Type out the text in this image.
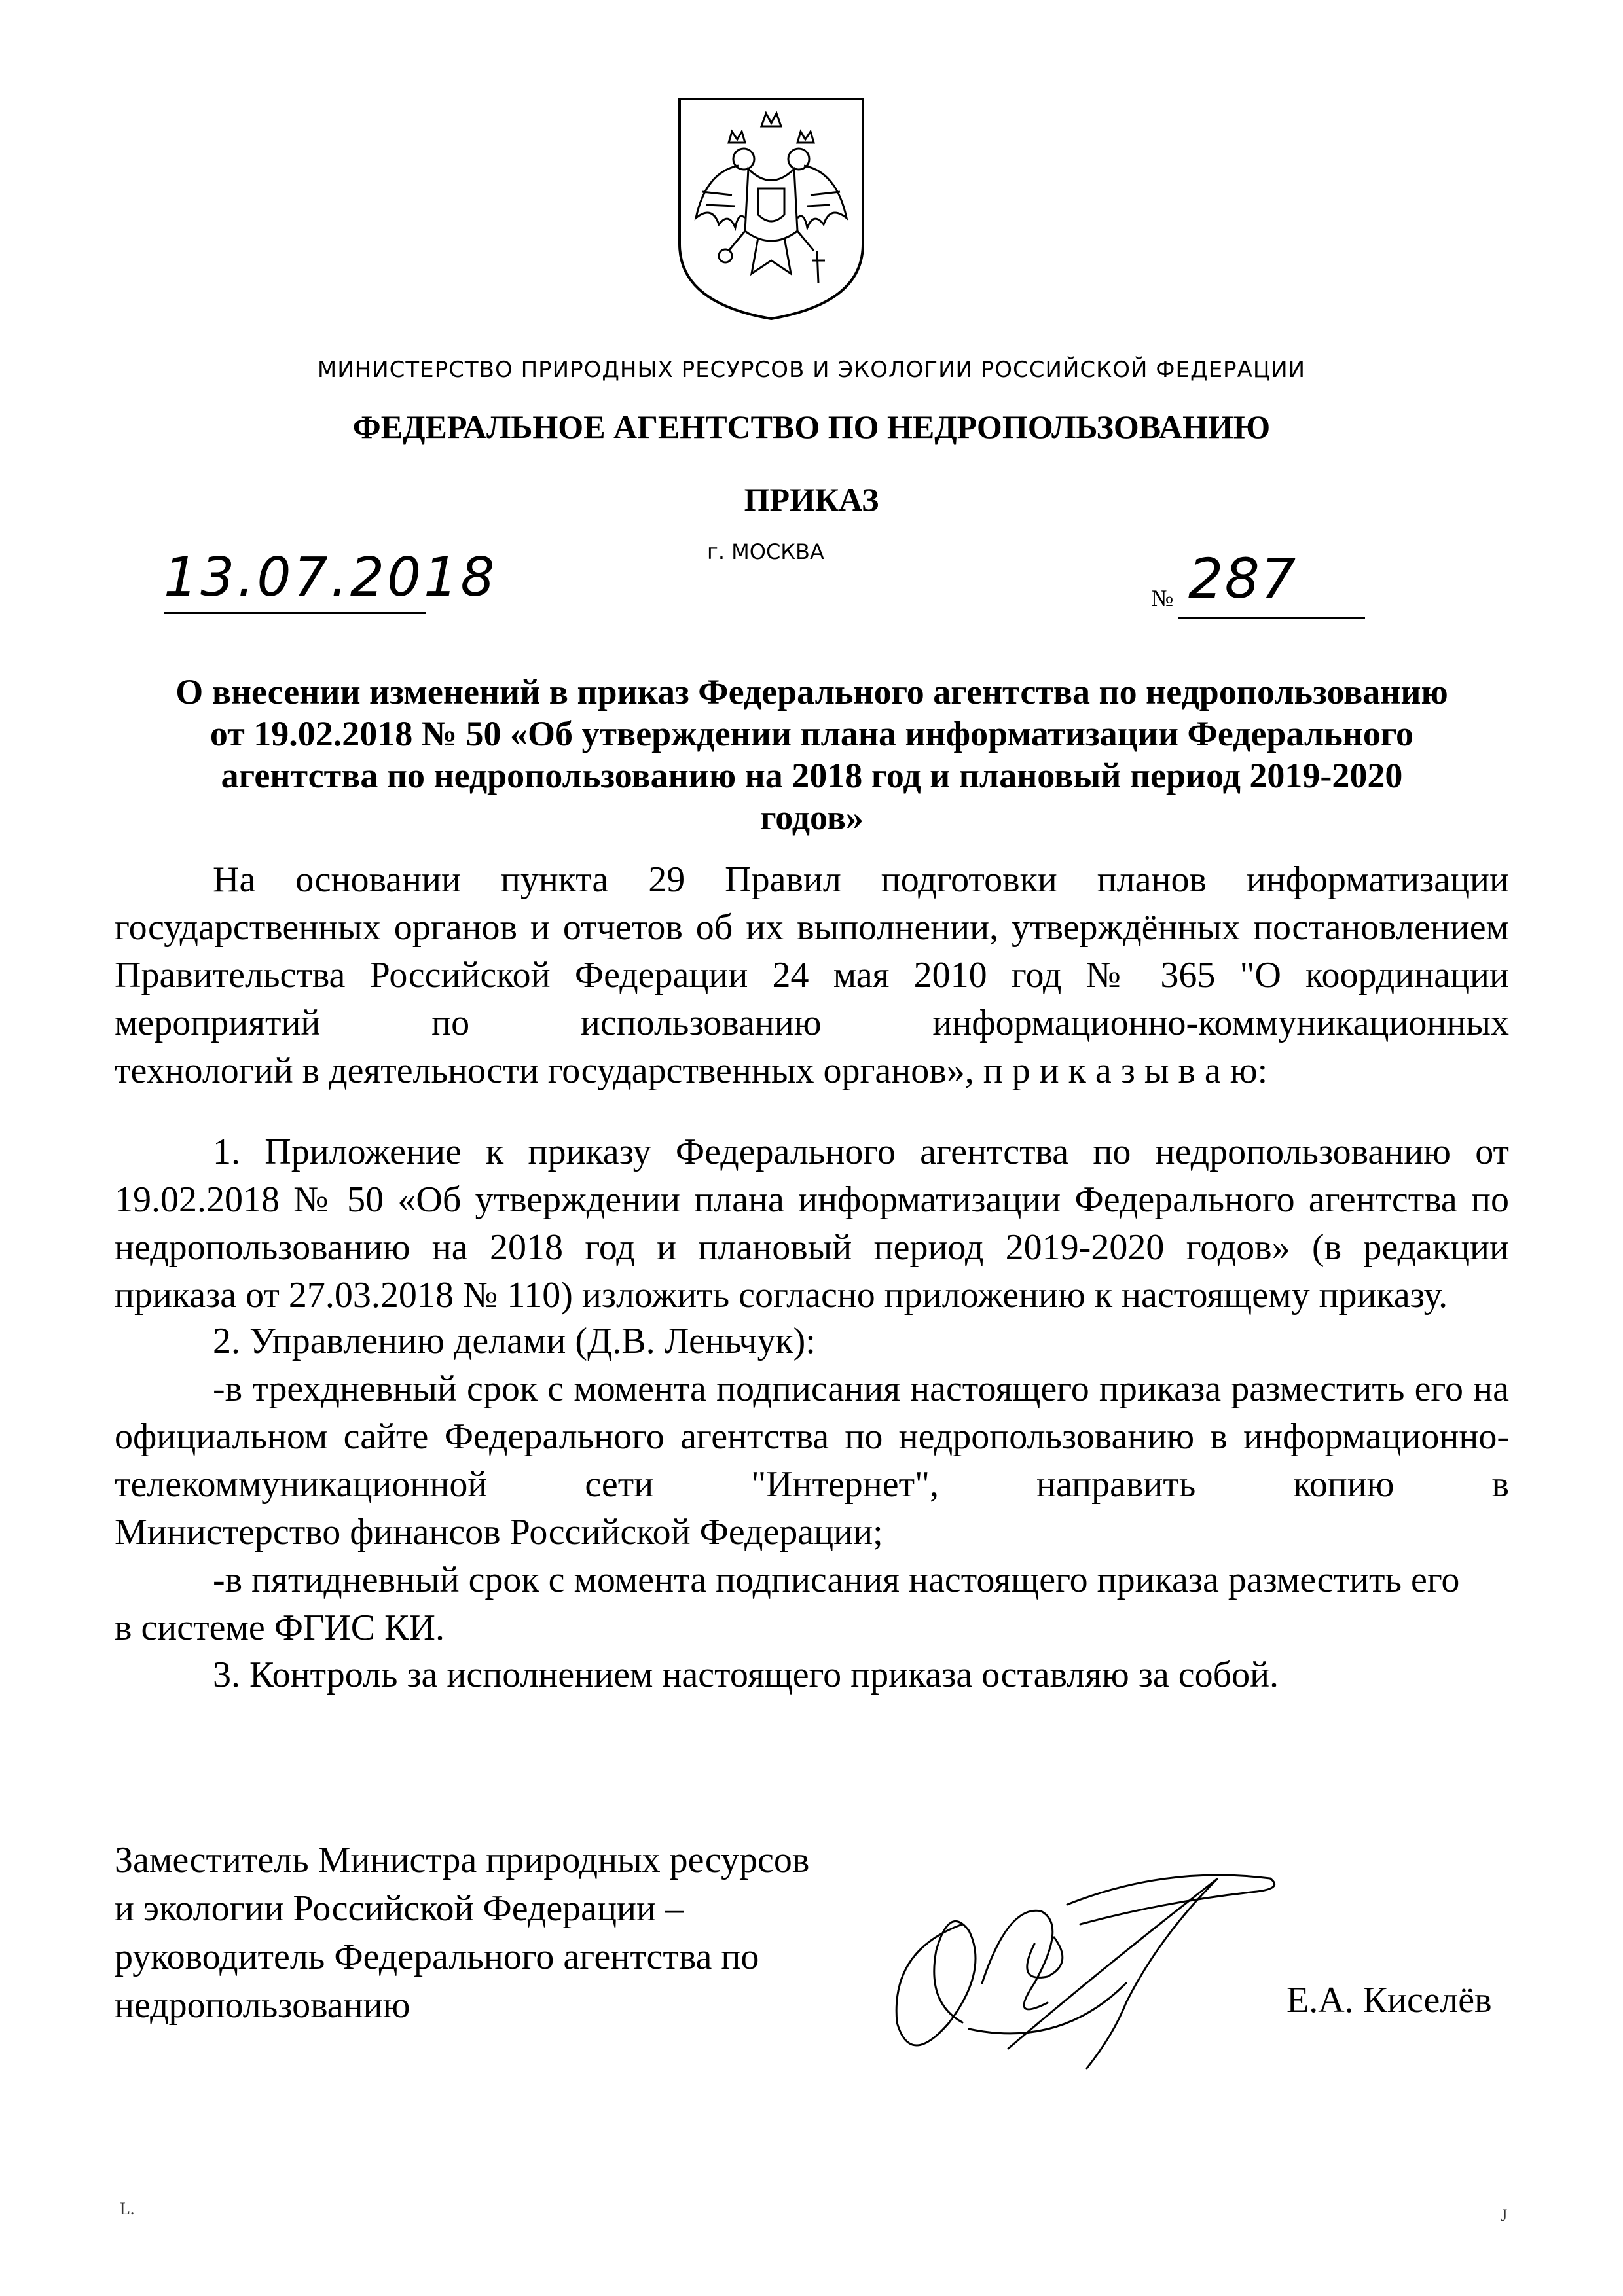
МИНИСТЕРСТВО ПРИРОДНЫХ РЕСУРСОВ И ЭКОЛОГИИ РОССИЙСКОЙ ФЕДЕРАЦИИ
ФЕДЕРАЛЬНОЕ АГЕНТСТВО ПО НЕДРОПОЛЬЗОВАНИЮ
ПРИКАЗ
г. МОСКВА
13.07.2018	№ 287
О внесении изменений в приказ Федерального агентства по недропользованию
от 19.02.2018 № 50 «Об утверждении плана информатизации Федерального
агентства по недропользованию на 2018 год и плановый период 2019-2020
годов»
На основании пункта 29 Правил подготовки планов информатизации государственных органов и отчетов об их выполнении, утверждённых постановлением Правительства Российской Федерации 24 мая 2010 год № 365 "О координации мероприятий по использованию информационно-коммуникационных
технологий в деятельности государственных органов», п р и к а з ы в а ю:
1. Приложение к приказу Федерального агентства по недропользованию от 19.02.2018 № 50 «Об утверждении плана информатизации Федерального агентства по недропользованию на 2018 год и плановый период 2019-2020 годов» (в редакции
приказа от 27.03.2018 № 110) изложить согласно приложению к настоящему приказу.
2. Управлению делами (Д.В. Леньчук):
-в трехдневный срок с момента подписания настоящего приказа разместить его на официальном сайте Федерального агентства по недропользованию в информационно-телекоммуникационной сети "Интернет", направить копию в
Министерство финансов Российской Федерации;
-в пятидневный срок с момента подписания настоящего приказа разместить его
в системе ФГИС КИ.
3. Контроль за исполнением настоящего приказа оставляю за собой.
Заместитель Министра природных ресурсов
и экологии Российской Федерации –
руководитель Федерального агентства по
недропользованию	Е.А. Киселёв
L.	J
